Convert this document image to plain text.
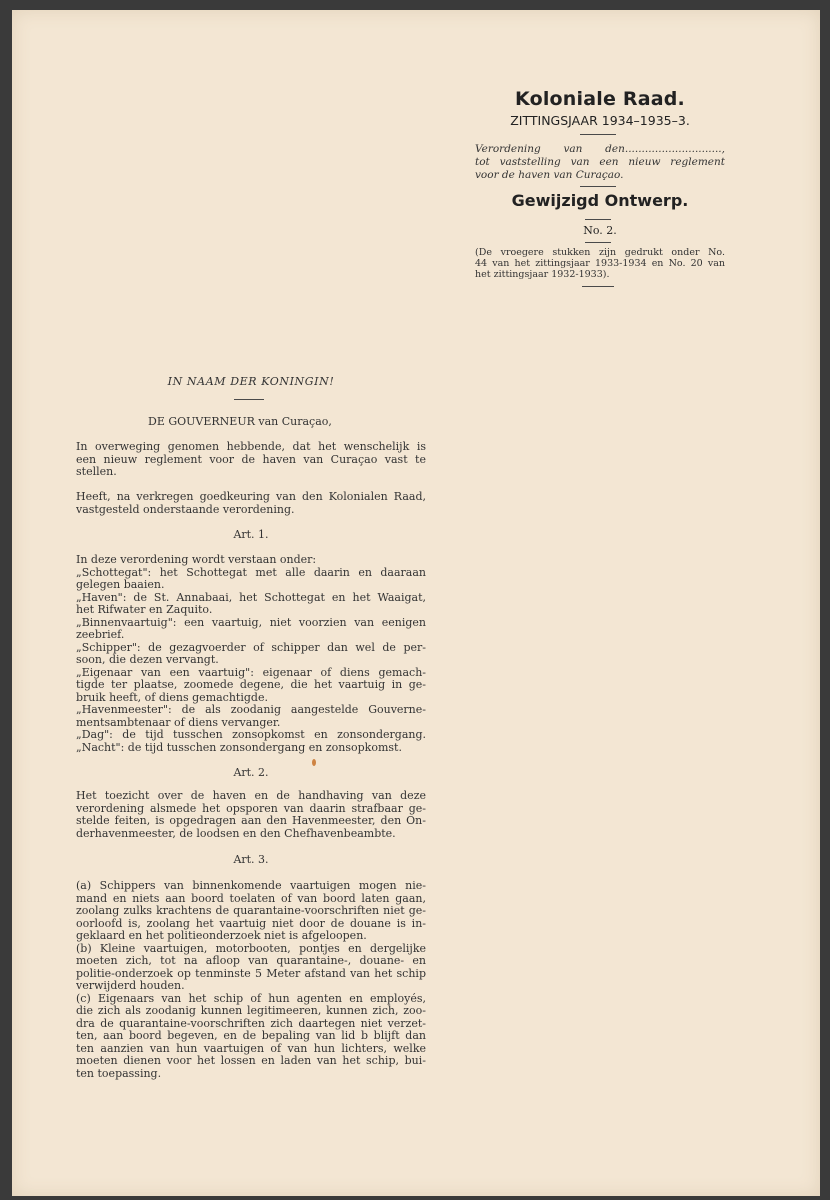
Koloniale Raad.
ZITTINGSJAAR 1934–1935–3.
Verordening van den.............................,
tot vaststelling van een nieuw reglement
voor de haven van Curaçao.
Gewijzigd Ontwerp.
No. 2.
(De vroegere stukken zijn gedrukt onder No.
44 van het zittingsjaar 1933-1934 en No. 20 van
het zittingsjaar 1932-1933).
IN NAAM DER KONINGIN!
DE GOUVERNEUR van Curaçao,
In overweging genomen hebbende, dat het wenschelijk is
een nieuw reglement voor de haven van Curaçao vast te
stellen.
Heeft, na verkregen goedkeuring van den Kolonialen Raad,
vastgesteld onderstaande verordening.
Art. 1.
In deze verordening wordt verstaan onder:
„Schottegat": het Schottegat met alle daarin en daaraan
gelegen baaien.
„Haven": de St. Annabaai, het Schottegat en het Waaigat,
het Rifwater en Zaquito.
„Binnenvaartuig": een vaartuig, niet voorzien van eenigen
zeebrief.
„Schipper": de gezagvoerder of schipper dan wel de per-
soon, die dezen vervangt.
„Eigenaar van een vaartuig": eigenaar of diens gemach-
tigde ter plaatse, zoomede degene, die het vaartuig in ge-
bruik heeft, of diens gemachtigde.
„Havenmeester": de als zoodanig aangestelde Gouverne-
mentsambtenaar of diens vervanger.
„Dag": de tijd tusschen zonsopkomst en zonsondergang.
„Nacht": de tijd tusschen zonsondergang en zonsopkomst.
Art. 2.
Het toezicht over de haven en de handhaving van deze
verordening alsmede het opsporen van daarin strafbaar ge-
stelde feiten, is opgedragen aan den Havenmeester, den On-
derhavenmeester, de loodsen en den Chefhavenbeambte.
Art. 3.
(a) Schippers van binnenkomende vaartuigen mogen nie-
mand en niets aan boord toelaten of van boord laten gaan,
zoolang zulks krachtens de quarantaine-voorschriften niet ge-
oorloofd is, zoolang het vaartuig niet door de douane is in-
geklaard en het politieonderzoek niet is afgeloopen.
(b) Kleine vaartuigen, motorbooten, pontjes en dergelijke
moeten zich, tot na afloop van quarantaine-, douane- en
politie-onderzoek op tenminste 5 Meter afstand van het schip
verwijderd houden.
(c) Eigenaars van het schip of hun agenten en employés,
die zich als zoodanig kunnen legitimeeren, kunnen zich, zoo-
dra de quarantaine-voorschriften zich daartegen niet verzet-
ten, aan boord begeven, en de bepaling van lid b blijft dan
ten aanzien van hun vaartuigen of van hun lichters, welke
moeten dienen voor het lossen en laden van het schip, bui-
ten toepassing.
